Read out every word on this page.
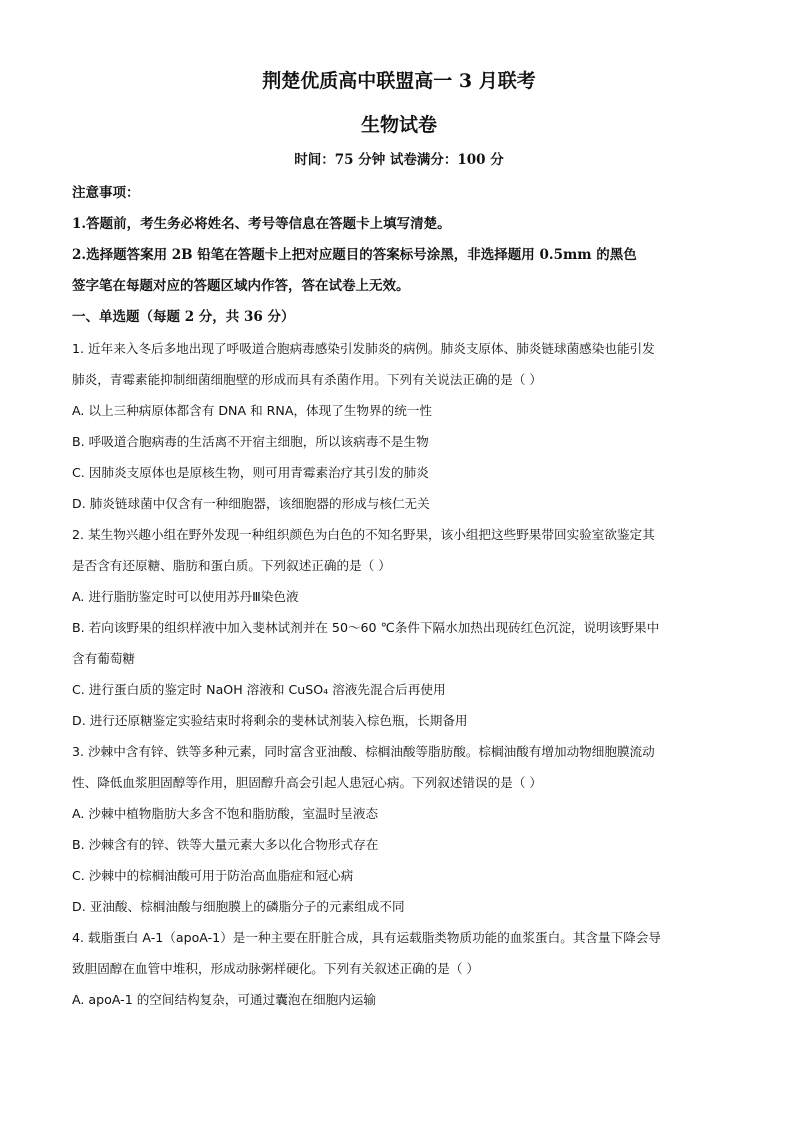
荆楚优质高中联盟高一 3 月联考
生物试卷
时间：75 分钟 试卷满分：100 分
注意事项：
1.答题前，考生务必将姓名、考号等信息在答题卡上填写清楚。
2.选择题答案用 2B 铅笔在答题卡上把对应题目的答案标号涂黑，非选择题用 0.5mm 的黑色
签字笔在每题对应的答题区域内作答，答在试卷上无效。
一、单选题（每题 2 分，共 36 分）
1. 近年来入冬后多地出现了呼吸道合胞病毒感染引发肺炎的病例。肺炎支原体、肺炎链球菌感染也能引发
肺炎，青霉素能抑制细菌细胞壁的形成而具有杀菌作用。下列有关说法正确的是（ ）
A. 以上三种病原体都含有 DNA 和 RNA，体现了生物界的统一性
B. 呼吸道合胞病毒的生活离不开宿主细胞，所以该病毒不是生物
C. 因肺炎支原体也是原核生物，则可用青霉素治疗其引发的肺炎
D. 肺炎链球菌中仅含有一种细胞器，该细胞器的形成与核仁无关
2. 某生物兴趣小组在野外发现一种组织颜色为白色的不知名野果，该小组把这些野果带回实验室欲鉴定其
是否含有还原糖、脂肪和蛋白质。下列叙述正确的是（ ）
A. 进行脂肪鉴定时可以使用苏丹Ⅲ染色液
B. 若向该野果的组织样液中加入斐林试剂并在 50～60 ℃条件下隔水加热出现砖红色沉淀，说明该野果中
含有葡萄糖
C. 进行蛋白质的鉴定时 NaOH 溶液和 CuSO₄ 溶液先混合后再使用
D. 进行还原糖鉴定实验结束时将剩余的斐林试剂装入棕色瓶，长期备用
3. 沙棘中含有锌、铁等多种元素，同时富含亚油酸、棕榈油酸等脂肪酸。棕榈油酸有增加动物细胞膜流动
性、降低血浆胆固醇等作用，胆固醇升高会引起人患冠心病。下列叙述错误的是（ ）
A. 沙棘中植物脂肪大多含不饱和脂肪酸，室温时呈液态
B. 沙棘含有的锌、铁等大量元素大多以化合物形式存在
C. 沙棘中的棕榈油酸可用于防治高血脂症和冠心病
D. 亚油酸、棕榈油酸与细胞膜上的磷脂分子的元素组成不同
4. 载脂蛋白 A-1（apoA-1）是一种主要在肝脏合成，具有运载脂类物质功能的血浆蛋白。其含量下降会导
致胆固醇在血管中堆积，形成动脉粥样硬化。下列有关叙述正确的是（ ）
A. apoA-1 的空间结构复杂，可通过囊泡在细胞内运输
